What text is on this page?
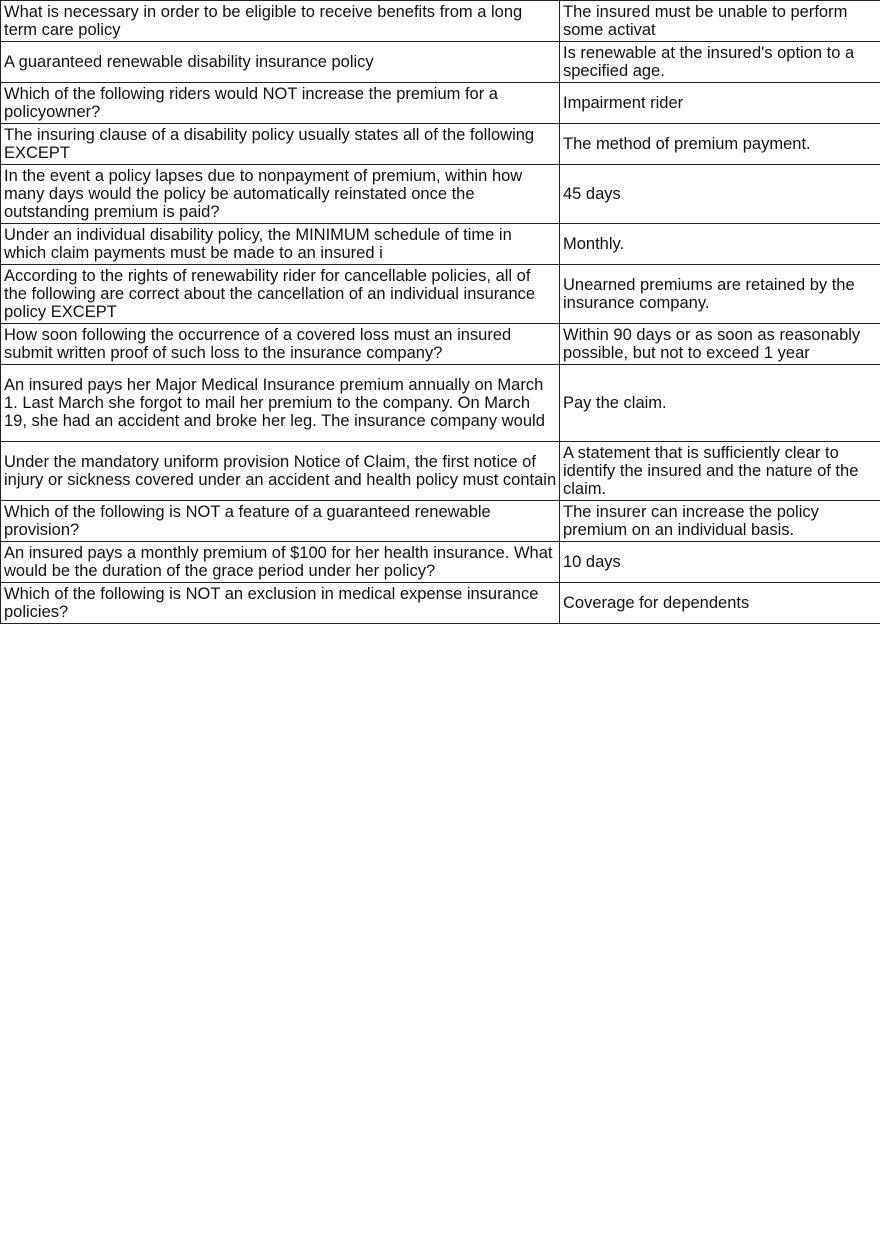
What is necessary in order to be eligible to receive benefits from a long term care policy	The insured must be unable to perform some activat
A guaranteed renewable disability insurance policy	Is renewable at the insured's option to a specified age.
Which of the following riders would NOT increase the premium for a policyowner?	Impairment rider
The insuring clause of a disability policy usually states all of the following EXCEPT	The method of premium payment.
In the event a policy lapses due to nonpayment of premium, within how many days would the policy be automatically reinstated once the outstanding premium is paid?	45 days
Under an individual disability policy, the MINIMUM schedule of time in which claim payments must be made to an insured i	Monthly.
According to the rights of renewability rider for cancellable policies, all of the following are correct about the cancellation of an individual insurance policy EXCEPT	Unearned premiums are retained by the insurance company.
How soon following the occurrence of a covered loss must an insured submit written proof of such loss to the insurance company?	Within 90 days or as soon as reasonably possible, but not to exceed 1 year
An insured pays her Major Medical Insurance premium annually on March 1. Last March she forgot to mail her premium to the company. On March 19, she had an accident and broke her leg. The insurance company would	Pay the claim.
Under the mandatory uniform provision Notice of Claim, the first notice of injury or sickness covered under an accident and health policy must contain	A statement that is sufficiently clear to identify the insured and the nature of the claim.
Which of the following is NOT a feature of a guaranteed renewable provision?	The insurer can increase the policy premium on an individual basis.
An insured pays a monthly premium of $100 for her health insurance. What would be the duration of the grace period under her policy?	10 days
Which of the following is NOT an exclusion in medical expense insurance policies?	Coverage for dependents
